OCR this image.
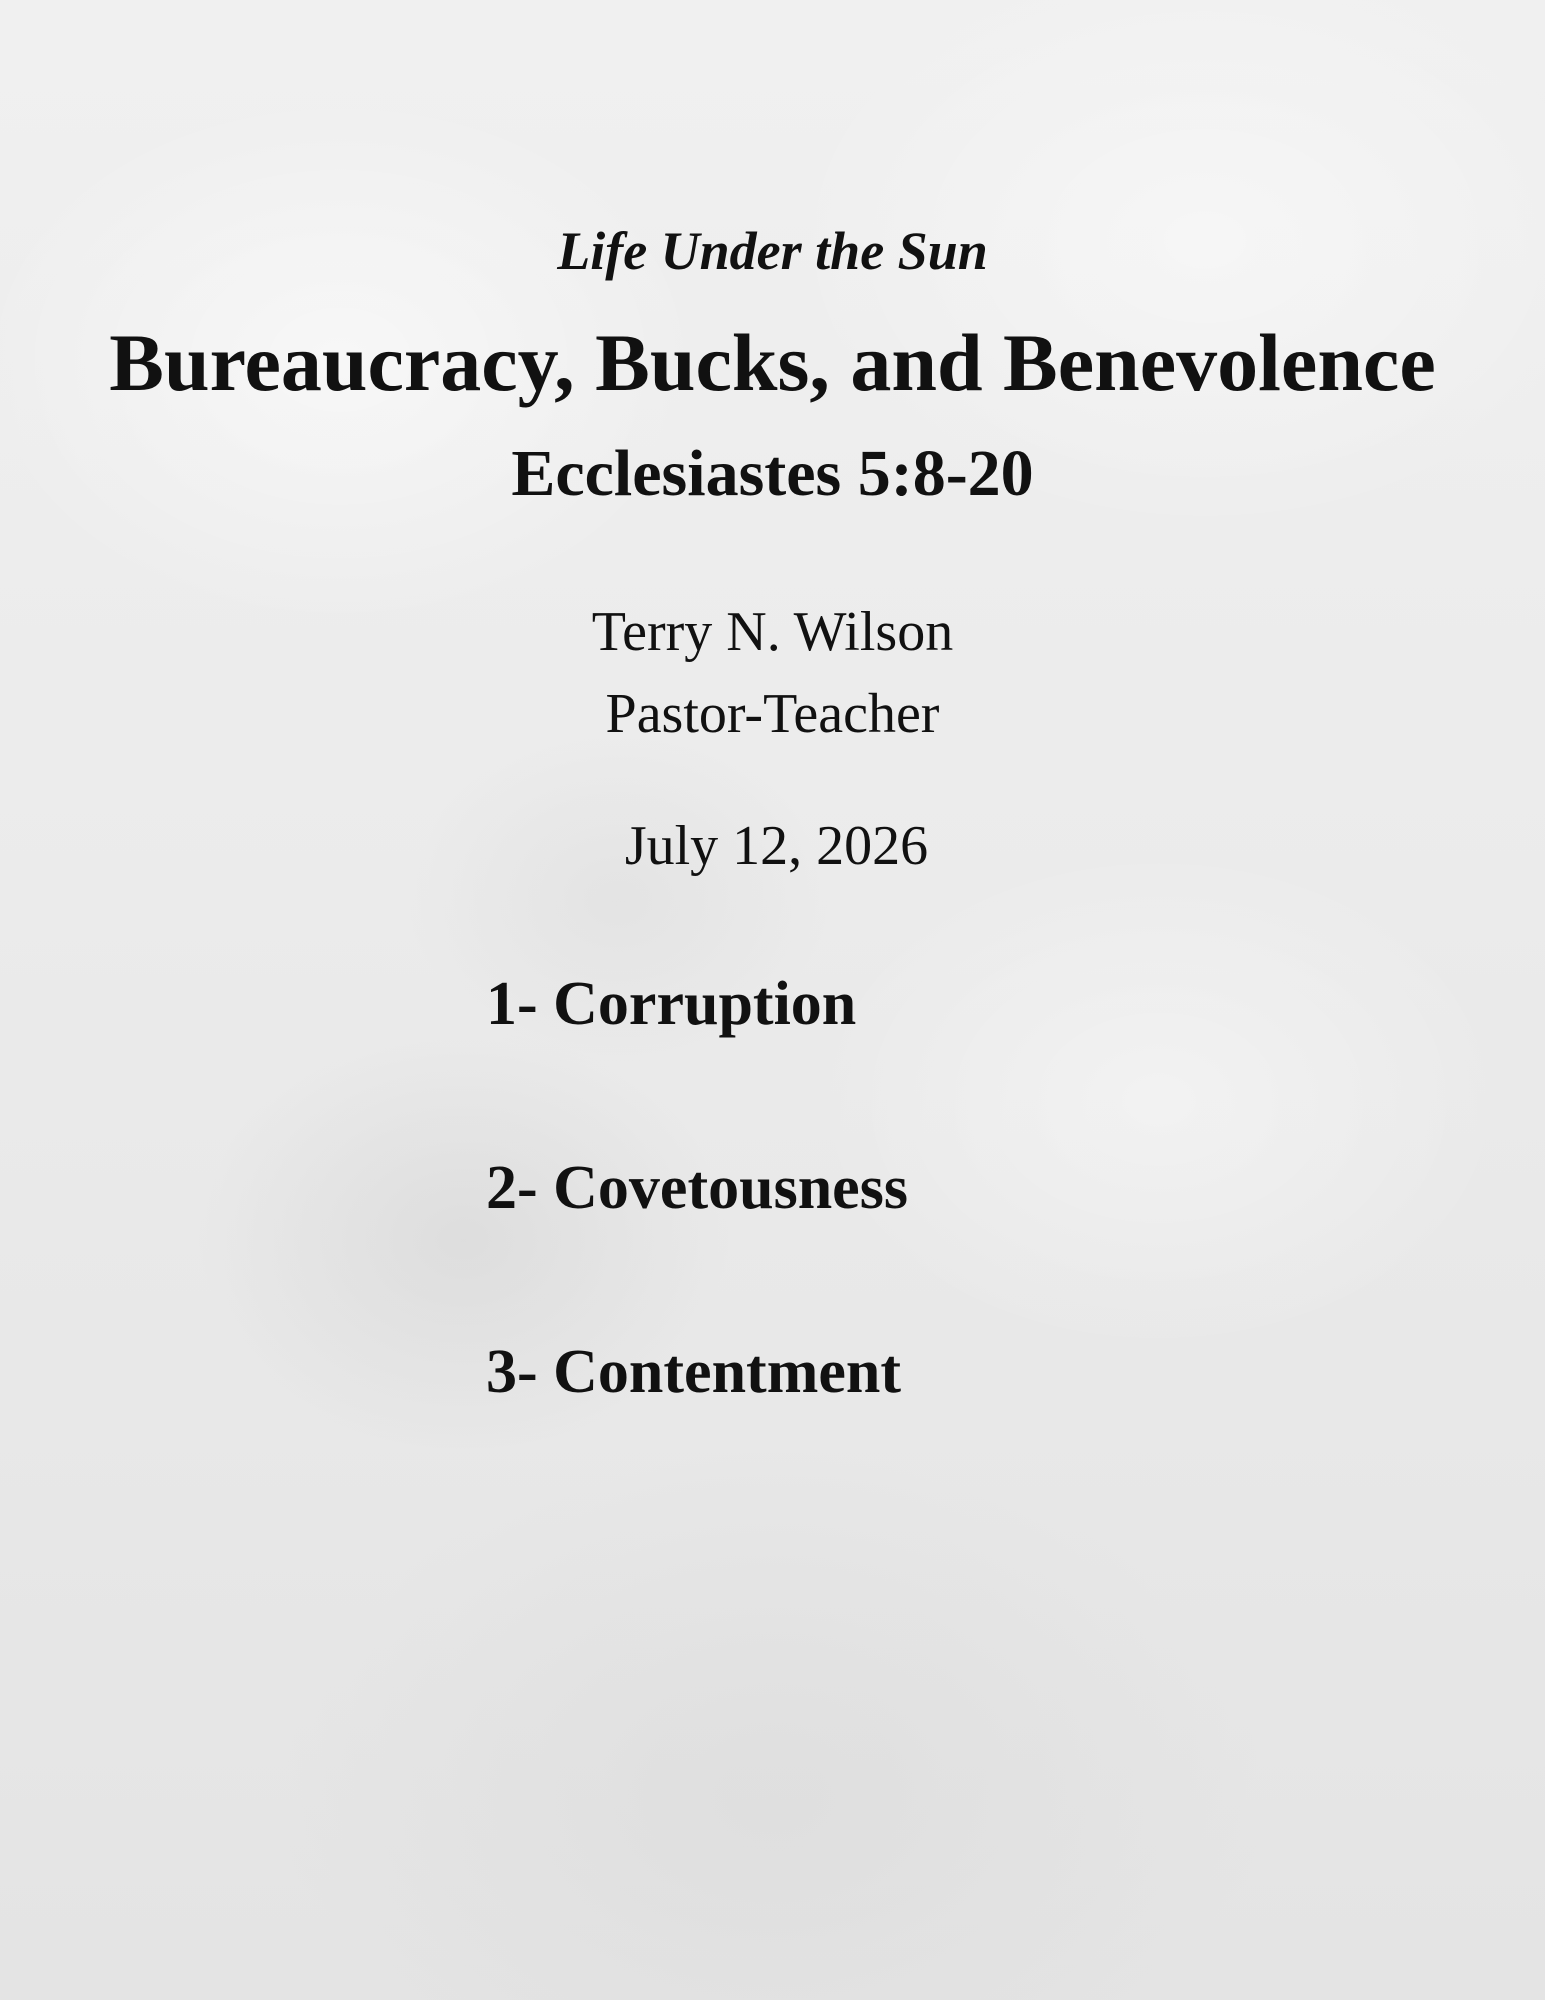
Life Under the Sun

Bureaucracy, Bucks, and Benevolence
Ecclesiastes 5:8-20

Terry N. Wilson

Pastor-Teacher

July 12, 2026

1- Corruption
2- Covetousness
3- Contentment
